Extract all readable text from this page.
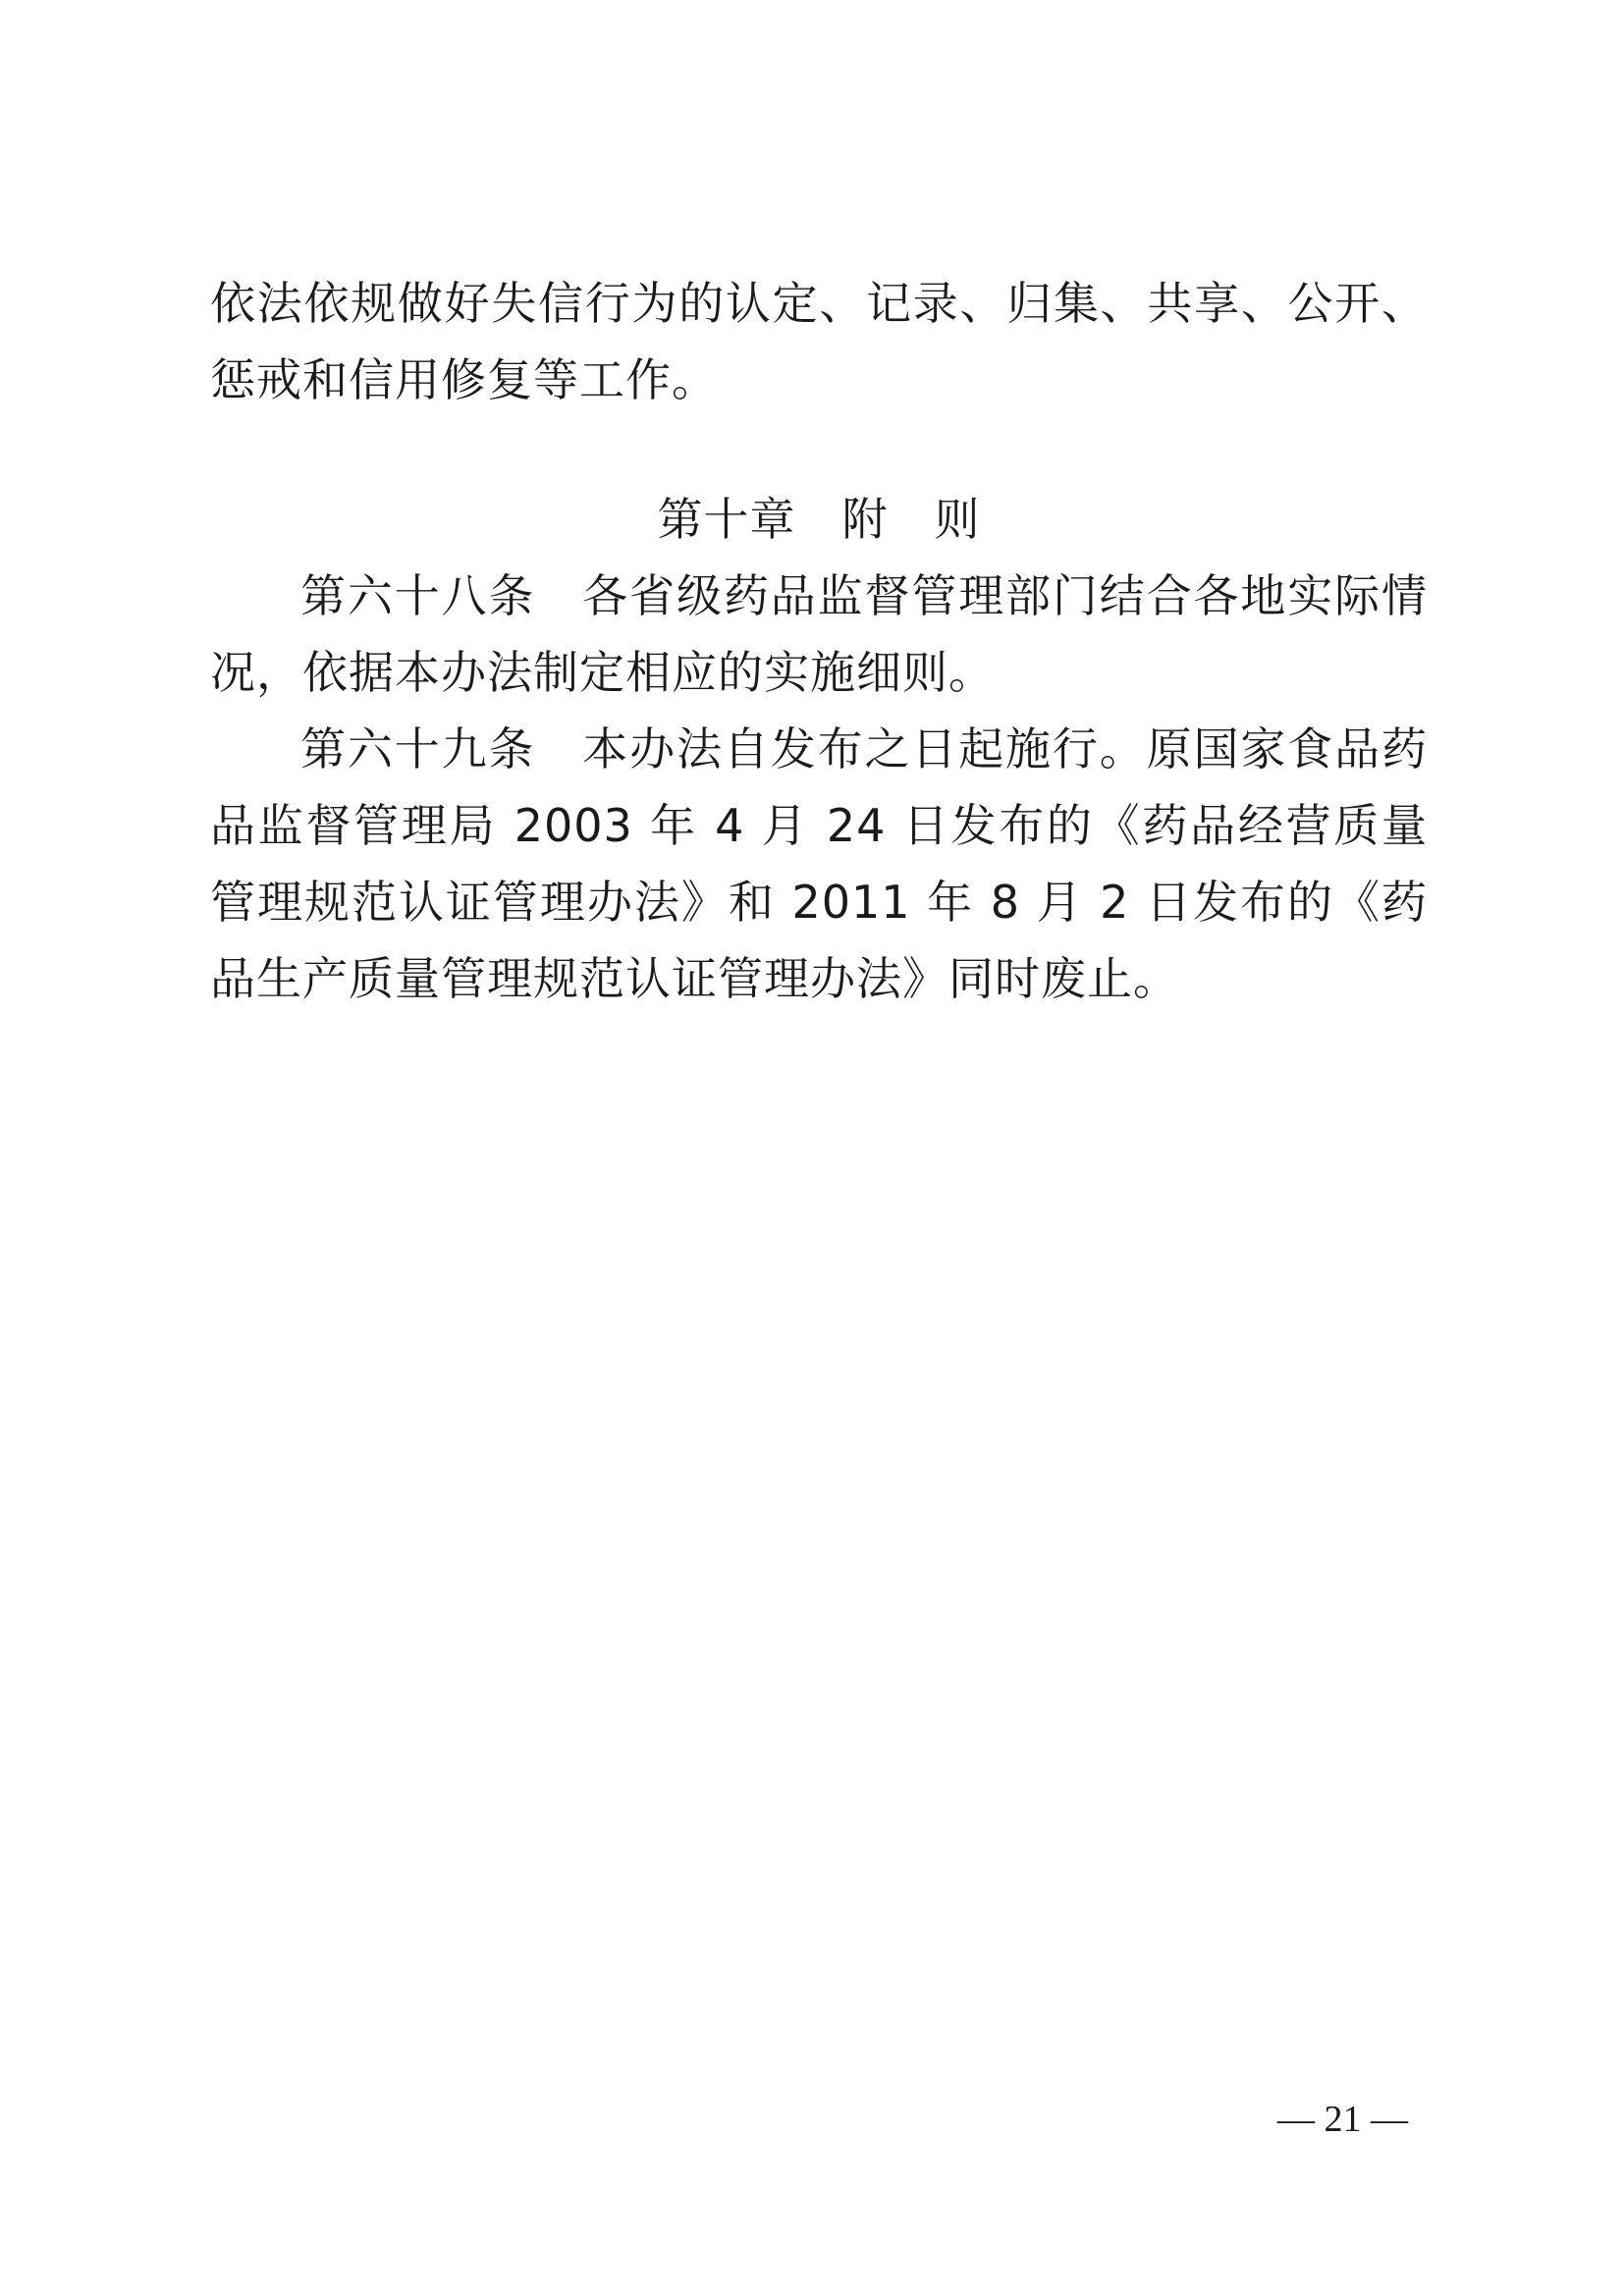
依法依规做好失信行为的认定、记录、归集、共享、公开、惩戒和信用修复等工作。

第十章　附　则

第六十八条　 各省级药品监督管理部门结合各地实际情况，依据本办法制定相应的实施细则。

第六十九条　 本办法自发布之日起施行。原国家食品药品监督管理局 2003 年 4 月 24 日发布的《药品经营质量管理规范认证管理办法》和 2011 年 8 月 2 日发布的《药品生产质量管理规范认证管理办法》同时废止。

— 21 —
